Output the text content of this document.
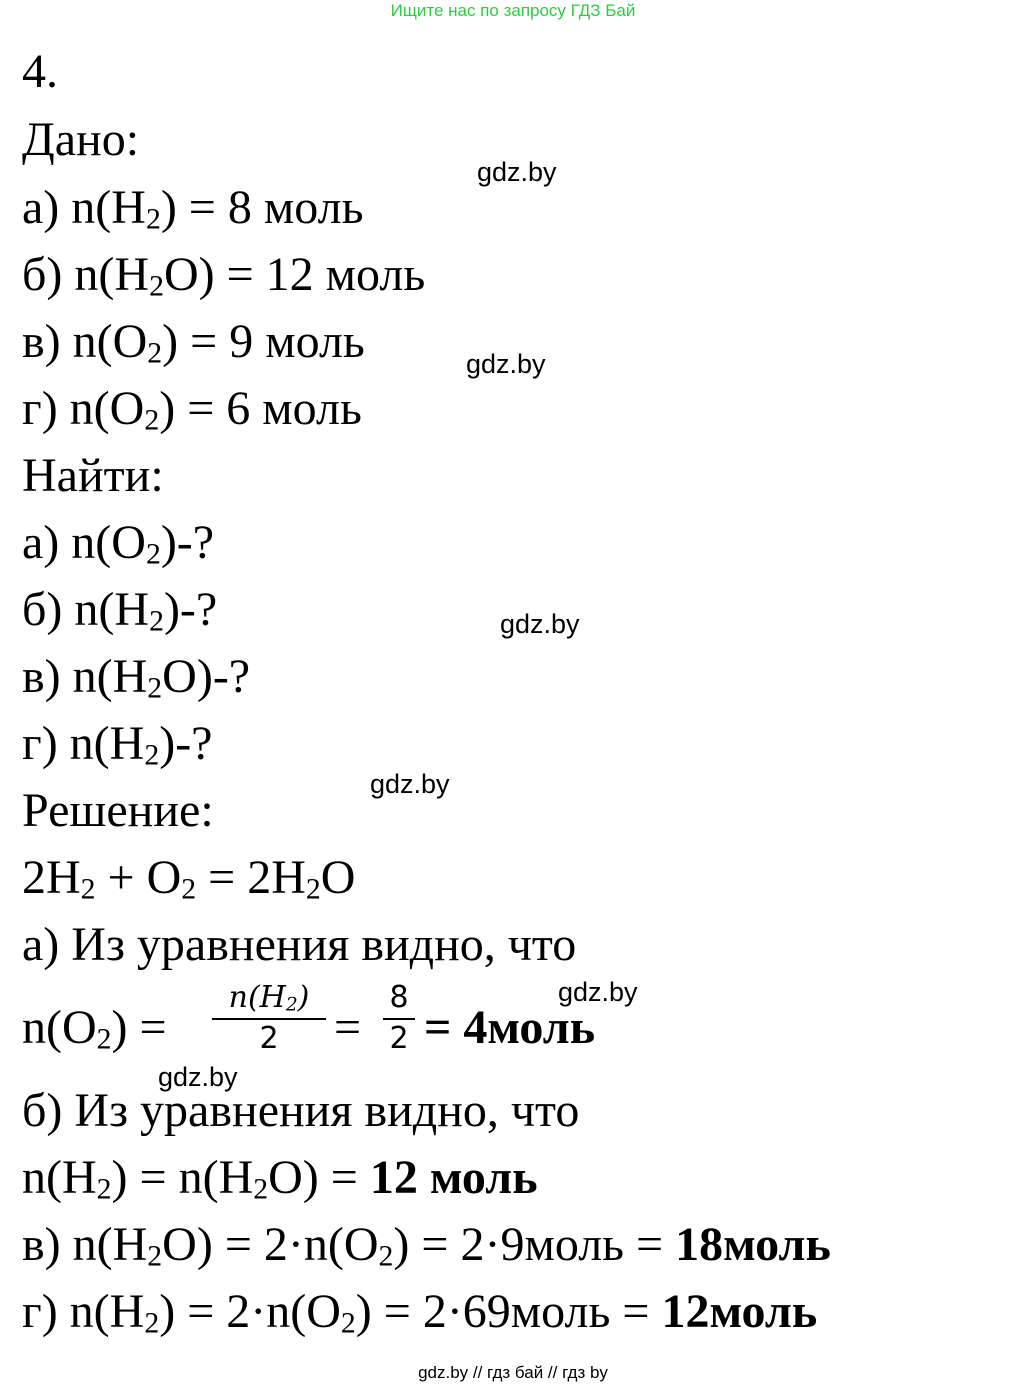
Ищите нас по запросу ГДЗ Бай
4.
Дано:
а) $n(H_2) = 8$ моль
б) $n(H_2O) = 12$ моль
в) $n(O_2) = 9$ моль
г) $n(O_2) = 6$ моль
Найти:
а) $n(O_2)-$?
б) $n(H_2)-$?
в) $n(H_2O)-$?
г) $n(H_2)-$?
Решение:
$2H_2 + O_2 = 2H_2O$
а) Из уравнения видно, что
$n(O_2)$ =
$n(H_2)$
2	=
8
2 = 4моль
б) Из уравнения видно, что
$n(H_2) = n(H_2O) = 12$ моль
в) $n(H_2O) = 2\cdot n(O_2)$ = 2·9моль = 18моль
г) $n(H_2) = 2\cdot n(O_2)$ = 2·69моль = 12моль
gdz.by
gdz.by
gdz.by
gdz.by
gdz.by
gdz.by
gdz.by // гдз бай // гдз by
